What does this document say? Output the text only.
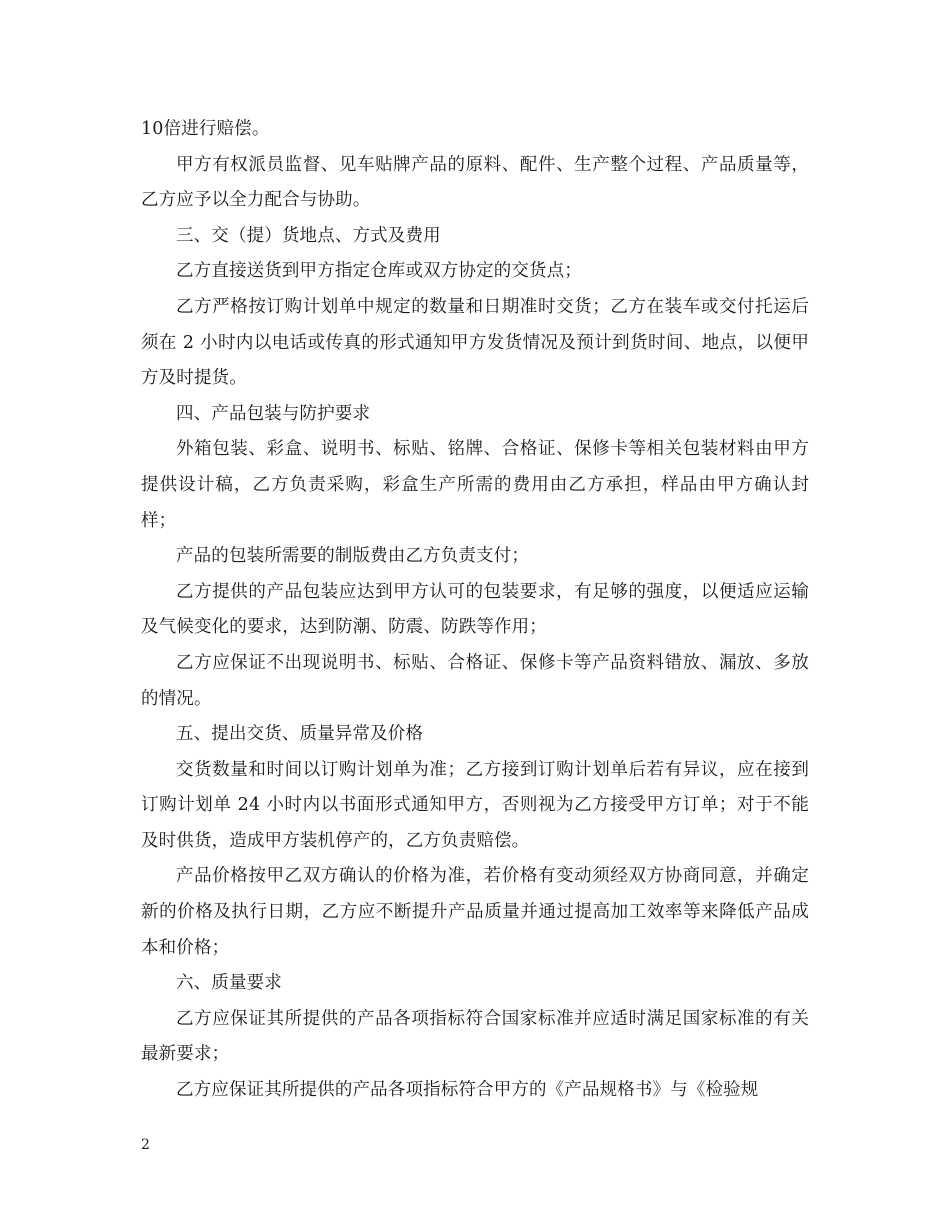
10倍进行赔偿。

甲方有权派员监督、见车贴牌产品的原料、配件、生产整个过程、产品质量等，乙方应予以全力配合与协助。

三、交（提）货地点、方式及费用

乙方直接送货到甲方指定仓库或双方协定的交货点；

乙方严格按订购计划单中规定的数量和日期准时交货；乙方在装车或交付托运后须在 2 小时内以电话或传真的形式通知甲方发货情况及预计到货时间、地点，以便甲方及时提货。

四、产品包装与防护要求

外箱包装、彩盒、说明书、标贴、铭牌、合格证、保修卡等相关包装材料由甲方提供设计稿，乙方负责采购，彩盒生产所需的费用由乙方承担，样品由甲方确认封样；

产品的包装所需要的制版费由乙方负责支付；

乙方提供的产品包装应达到甲方认可的包装要求，有足够的强度，以便适应运输及气候变化的要求，达到防潮、防震、防跌等作用；

乙方应保证不出现说明书、标贴、合格证、保修卡等产品资料错放、漏放、多放的情况。

五、提出交货、质量异常及价格

交货数量和时间以订购计划单为准；乙方接到订购计划单后若有异议，应在接到订购计划单 24 小时内以书面形式通知甲方，否则视为乙方接受甲方订单；对于不能及时供货，造成甲方装机停产的，乙方负责赔偿。

产品价格按甲乙双方确认的价格为准，若价格有变动须经双方协商同意，并确定新的价格及执行日期，乙方应不断提升产品质量并通过提高加工效率等来降低产品成本和价格；

六、质量要求

乙方应保证其所提供的产品各项指标符合国家标准并应适时满足国家标准的有关最新要求；

乙方应保证其所提供的产品各项指标符合甲方的《产品规格书》与《检验规

2
